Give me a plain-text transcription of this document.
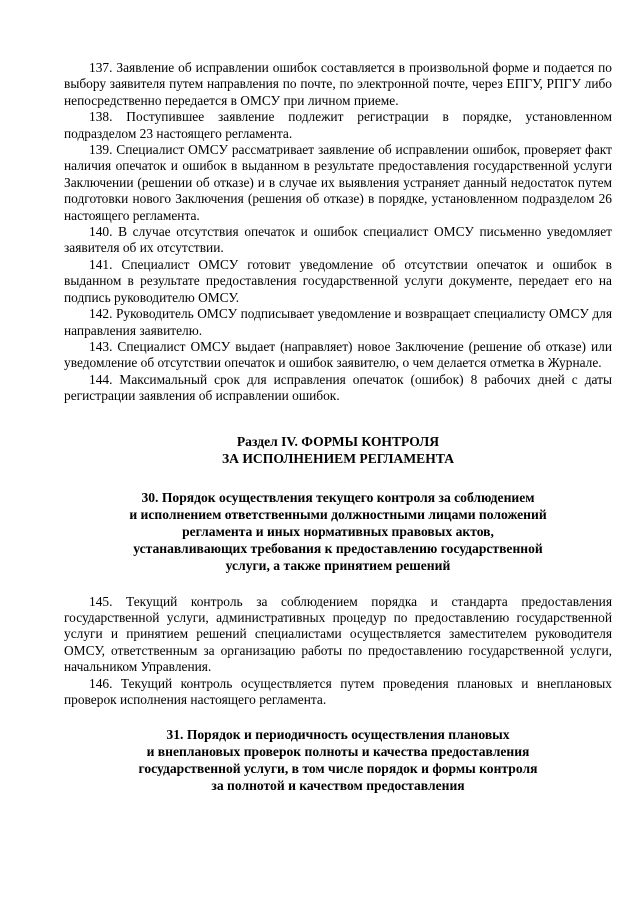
137. Заявление об исправлении ошибок составляется в произвольной форме и подается по выбору заявителя путем направления по почте, по электронной почте, через ЕПГУ, РПГУ либо непосредственно передается в ОМСУ при личном приеме.

138. Поступившее заявление подлежит регистрации в порядке, установленном подразделом 23 настоящего регламента.

139. Специалист ОМСУ рассматривает заявление об исправлении ошибок, проверяет факт наличия опечаток и ошибок в выданном в результате предоставления государственной услуги Заключении (решении об отказе) и в случае их выявления устраняет данный недостаток путем подготовки нового Заключения (решения об отказе) в порядке, установленном подразделом 26 настоящего регламента.

140. В случае отсутствия опечаток и ошибок специалист ОМСУ письменно уведомляет заявителя об их отсутствии.

141. Специалист ОМСУ готовит уведомление об отсутствии опечаток и ошибок в выданном в результате предоставления государственной услуги документе, передает его на подпись руководителю ОМСУ.

142. Руководитель ОМСУ подписывает уведомление и возвращает специалисту ОМСУ для направления заявителю.

143. Специалист ОМСУ выдает (направляет) новое Заключение (решение об отказе) или уведомление об отсутствии опечаток и ошибок заявителю, о чем делается отметка в Журнале.

144. Максимальный срок для исправления опечаток (ошибок) 8 рабочих дней с даты регистрации заявления об исправлении ошибок.

Раздел IV. ФОРМЫ КОНТРОЛЯ
ЗА ИСПОЛНЕНИЕМ РЕГЛАМЕНТА
30. Порядок осуществления текущего контроля за соблюдением
и исполнением ответственными должностными лицами положений
регламента и иных нормативных правовых актов,
устанавливающих требования к предоставлению государственной
услуги, а также принятием решений

145. Текущий контроль за соблюдением порядка и стандарта предоставления государственной услуги, административных процедур по предоставлению государственной услуги и принятием решений специалистами осуществляется заместителем руководителя ОМСУ, ответственным за организацию работы по предоставлению государственной услуги, начальником Управления.

146. Текущий контроль осуществляется путем проведения плановых и внеплановых проверок исполнения настоящего регламента.

31. Порядок и периодичность осуществления плановых
и внеплановых проверок полноты и качества предоставления
государственной услуги, в том числе порядок и формы контроля
за полнотой и качеством предоставления
